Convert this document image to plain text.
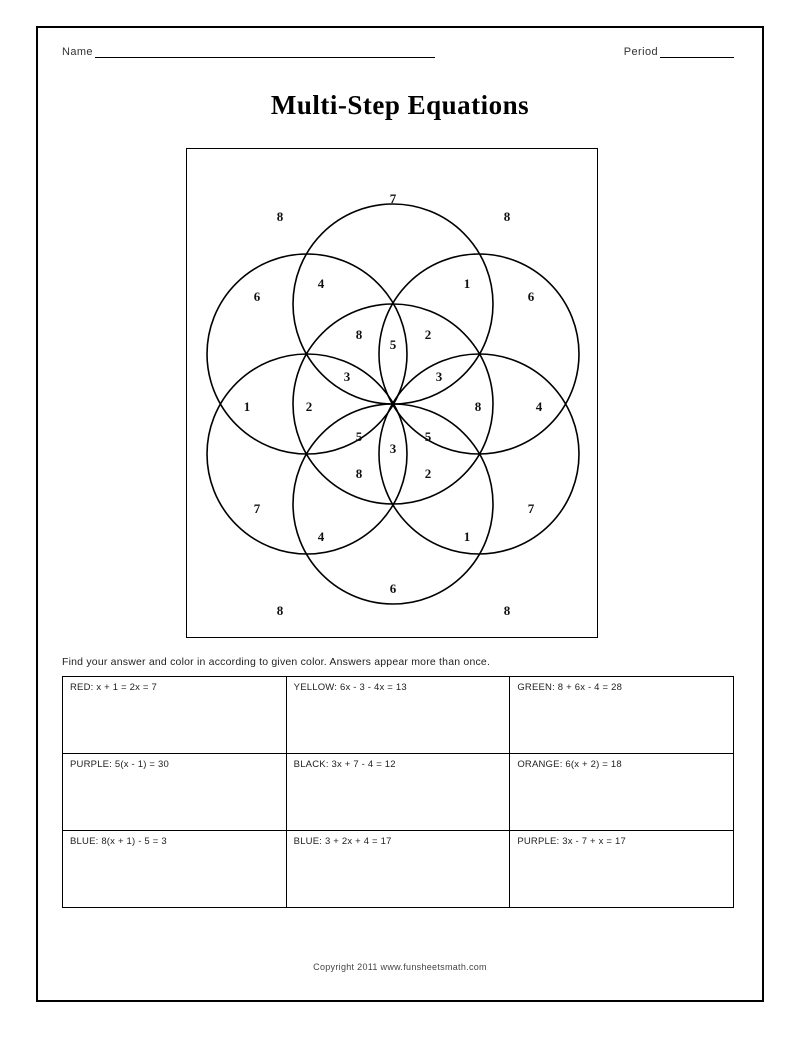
Name	Period
Multi-Step Equations
8
7
8
6
4	1
6
8
5
2
3	3
1	2	8	4
5	5
3
8	2
7	7
4	1
6
8	8
Find your answer and color in according to given color. Answers appear more than once.
RED: x + 1 = 2x = 7	YELLOW: 6x - 3 - 4x = 13	GREEN: 8 + 6x - 4 = 28
PURPLE: 5(x - 1) = 30	BLACK: 3x + 7 - 4 = 12	ORANGE: 6(x + 2) = 18
BLUE: 8(x + 1) - 5 = 3	BLUE: 3 + 2x + 4 = 17	PURPLE: 3x - 7 + x = 17
Copyright 2011 www.funsheetsmath.com
